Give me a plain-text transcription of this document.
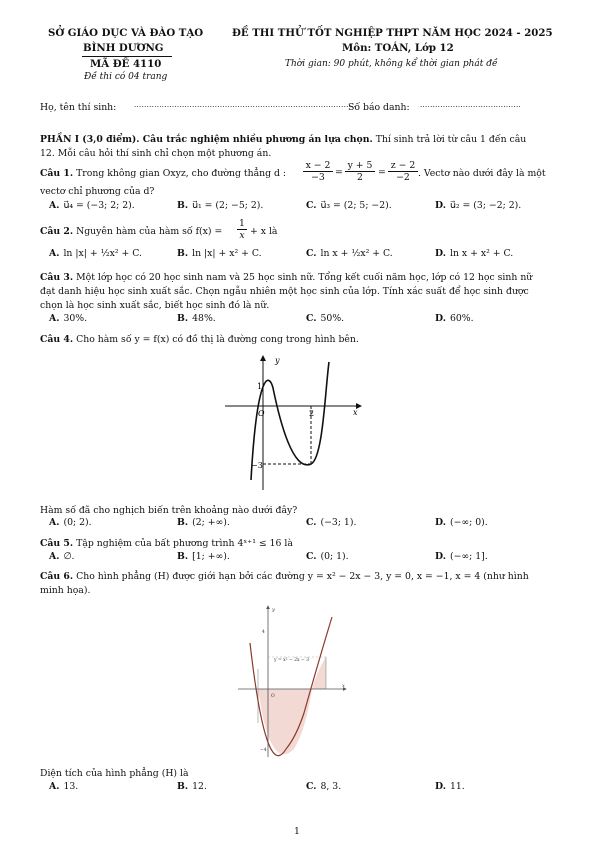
SỞ GIÁO DỤC VÀ ĐÀO TẠO	ĐỀ THI THỬ TỐT NGHIỆP THPT NĂM HỌC 2024 - 2025
BÌNH DƯƠNG	Môn: TOÁN, Lớp 12
MÃ ĐỀ 4110	Thời gian: 90 phút, không kể thời gian phát đề
Đề thi có 04 trang
Họ, tên thí sinh:	........................................................................................
Số báo danh: ........................................
PHẦN I (3,0 điểm). Câu trắc nghiệm nhiều phương án lựa chọn. Thí sinh trả lời từ câu 1 đến câu
12. Mỗi câu hỏi thí sinh chỉ chọn một phương án.
Câu 1. Trong không gian Oxyz, cho đường thẳng d : $\frac{x - 2}{-3} = \frac{y + 5}{2} = \frac{z - 2}{-2}$ . Vectơ nào dưới đây là một
vectơ chỉ phương của d?
A. u⃗₄ = (−3; 2; 2).	B. u⃗₁ = (2; −5; 2).	C. u⃗₃ = (2; 5; −2).	D. u⃗₂ = (3; −2; 2).
Câu 2. Nguyên hàm của hàm số $f(x) = \frac{1}{x} + x$ là
A. ln |x| + ½x² + C.	B. ln |x| + x² + C.	C. ln x + ½x² + C.	D. ln x + x² + C.
Câu 3. Một lớp học có 20 học sinh nam và 25 học sinh nữ. Tổng kết cuối năm học, lớp có 12 học sinh nữ
đạt danh hiệu học sinh xuất sắc. Chọn ngẫu nhiên một học sinh của lớp. Tính xác suất để học sinh được
chọn là học sinh xuất sắc, biết học sinh đó là nữ.
A. 30%.	B. 48%.	C. 50%.	D. 60%.
Câu 4. Cho hàm số y = f(x) có đồ thị là đường cong trong hình bên.
y
x
O
1
2
−3
Hàm số đã cho nghịch biến trên khoảng nào dưới đây?
A. (0; 2).	B. (2; +∞).	C. (−3; 1).	D. (−∞; 0).
Câu 5. Tập nghiệm của bất phương trình 4ˣ⁺¹ ≤ 16 là
A. ∅.	B. [1; +∞).	C. (0; 1).	D. (−∞; 1].
Câu 6. Cho hình phẳng (H) được giới hạn bởi các đường y = x² − 2x − 3, y = 0, x = −1, x = 4 (như hình
minh họa).
y
x
y = x² − 2x − 3
4
−4
O
Diện tích của hình phẳng (H) là
A. 13.	B. 12.	C. 8, 3.	D. 11.
1
